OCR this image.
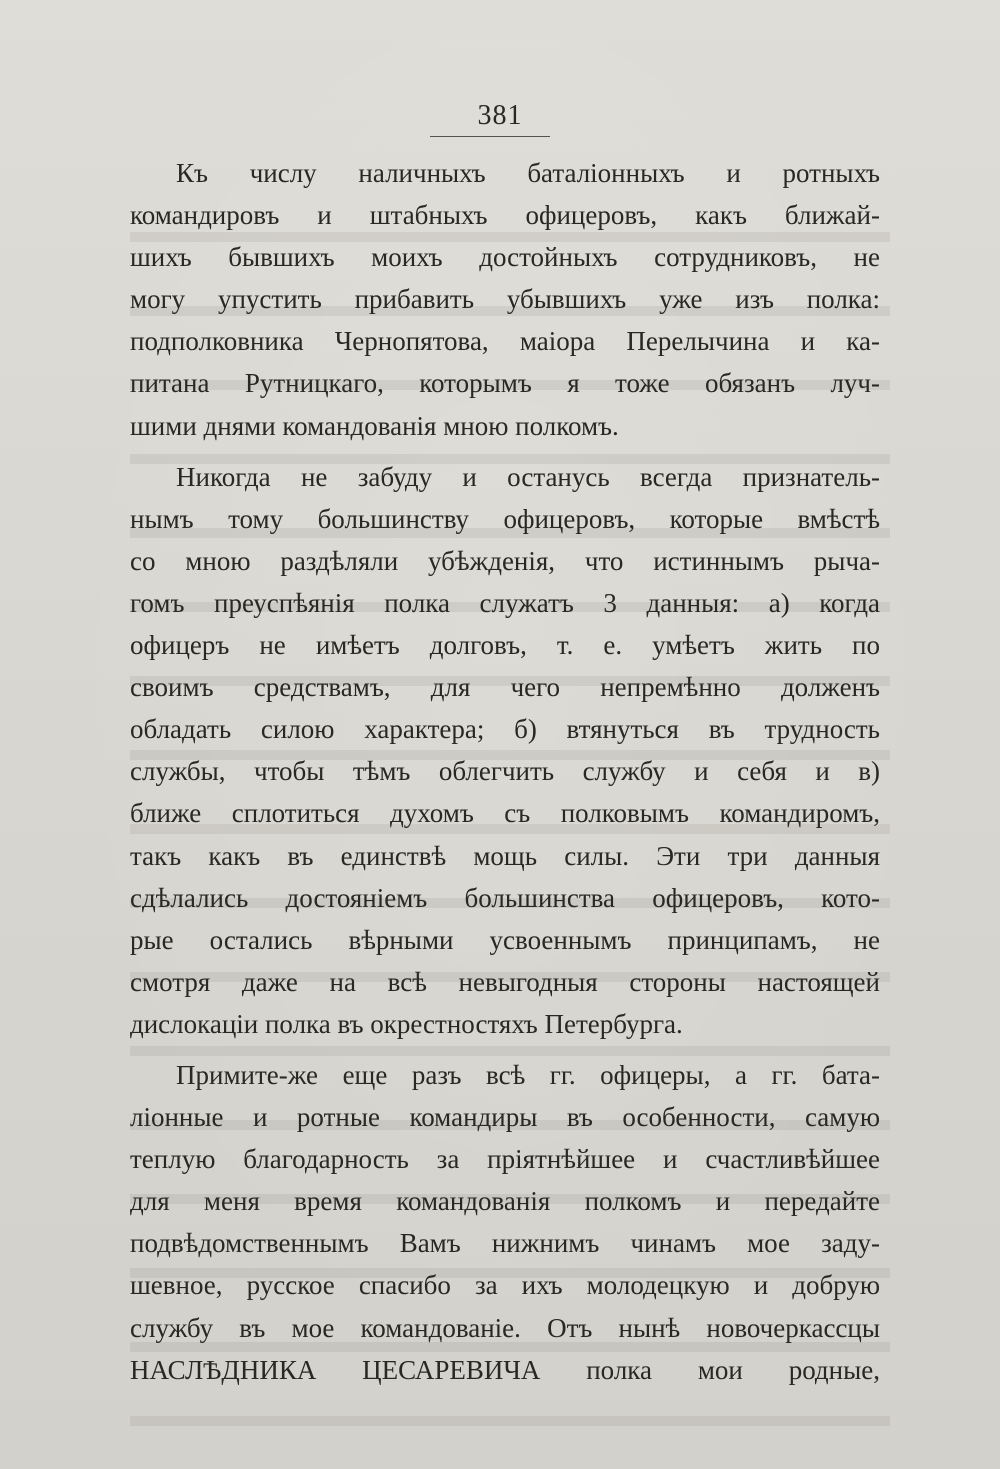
381
Къ числу наличныхъ баталіонныхъ и ротныхъ
командировъ и штабныхъ офицеровъ, какъ ближай-
шихъ бывшихъ моихъ достойныхъ сотрудниковъ, не
могу упустить прибавить убывшихъ уже изъ полка:
подполковника Чернопятова, маіора Перелычина и ка-
питана Рутницкаго, которымъ я тоже обязанъ луч-
шими днями командованія мною полкомъ.
Никогда не забуду и останусь всегда признатель-
нымъ тому большинству офицеровъ, которые вмѣстѣ
со мною раздѣляли убѣжденія, что истиннымъ рыча-
гомъ преуспѣянія полка служатъ 3 данныя: а) когда
офицеръ не имѣетъ долговъ, т. е. умѣетъ жить по
своимъ средствамъ, для чего непремѣнно долженъ
обладать силою характера; б) втянуться въ трудность
службы, чтобы тѣмъ облегчить службу и себя и в)
ближе сплотиться духомъ съ полковымъ командиромъ,
такъ какъ въ единствѣ мощь силы. Эти три данныя
сдѣлались достояніемъ большинства офицеровъ, кото-
рые остались вѣрными усвоеннымъ принципамъ, не
смотря даже на всѣ невыгодныя стороны настоящей
дислокаціи полка въ окрестностяхъ Петербурга.
Примите-же еще разъ всѣ гг. офицеры, а гг. бата-
ліонные и ротные командиры въ особенности, самую
теплую благодарность за пріятнѣйшее и счастливѣйшее
для меня время командованія полкомъ и передайте
подвѣдомственнымъ Вамъ нижнимъ чинамъ мое заду-
шевное, русское спасибо за ихъ молодецкую и добрую
службу въ мое командованіе. Отъ нынѣ новочеркассцы
НАСЛѢДНИКА ЦЕСАРЕВИЧА полка мои родные,
